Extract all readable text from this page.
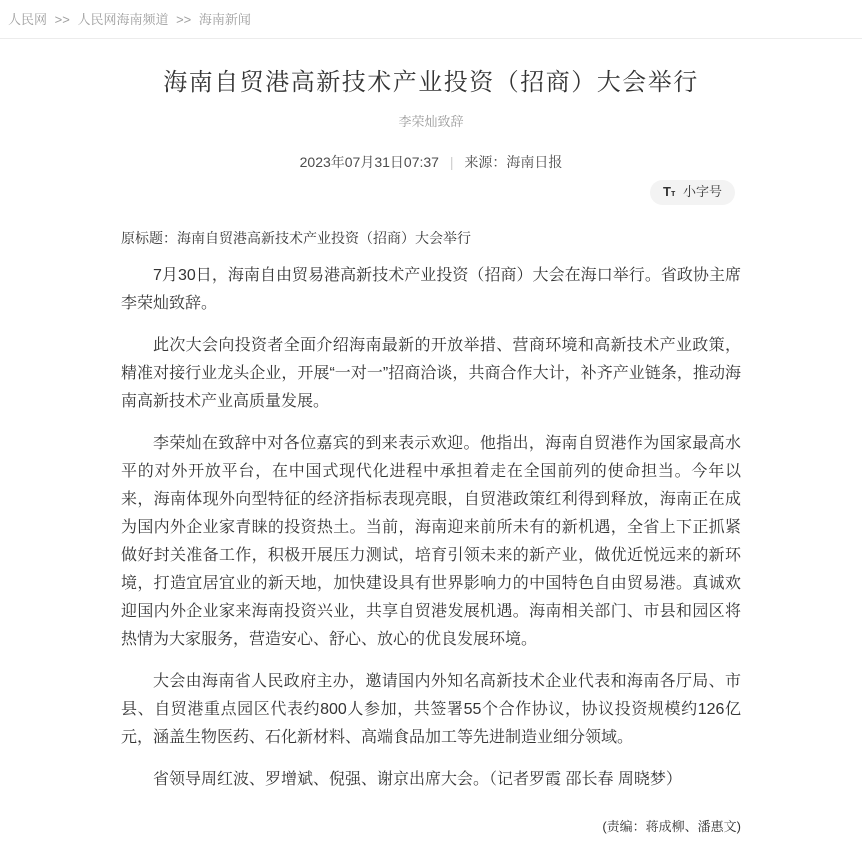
人民网 >> 人民网海南频道 >> 海南新闻
海南自贸港高新技术产业投资（招商）大会举行
李荣灿致辞
2023年07月31日07:37 | 来源：海南日报
Tт 小字号
原标题：海南自贸港高新技术产业投资（招商）大会举行

7月30日，海南自由贸易港高新技术产业投资（招商）大会在海口举行。省政协主席李荣灿致辞。

此次大会向投资者全面介绍海南最新的开放举措、营商环境和高新技术产业政策，精准对接行业龙头企业，开展“一对一”招商洽谈，共商合作大计，补齐产业链条，推动海南高新技术产业高质量发展。

李荣灿在致辞中对各位嘉宾的到来表示欢迎。他指出，海南自贸港作为国家最高水平的对外开放平台，在中国式现代化进程中承担着走在全国前列的使命担当。今年以来，海南体现外向型特征的经济指标表现亮眼，自贸港政策红利得到释放，海南正在成为国内外企业家青睐的投资热土。当前，海南迎来前所未有的新机遇，全省上下正抓紧做好封关准备工作，积极开展压力测试，培育引领未来的新产业，做优近悦远来的新环境，打造宜居宜业的新天地，加快建设具有世界影响力的中国特色自由贸易港。真诚欢迎国内外企业家来海南投资兴业，共享自贸港发展机遇。海南相关部门、市县和园区将热情为大家服务，营造安心、舒心、放心的优良发展环境。

大会由海南省人民政府主办，邀请国内外知名高新技术企业代表和海南各厅局、市县、自贸港重点园区代表约800人参加，共签署55个合作协议，协议投资规模约126亿元，涵盖生物医药、石化新材料、高端食品加工等先进制造业细分领域。

省领导周红波、罗增斌、倪强、谢京出席大会。（记者罗霞 邵长春 周晓梦）

(责编：蒋成柳、潘惠文)
